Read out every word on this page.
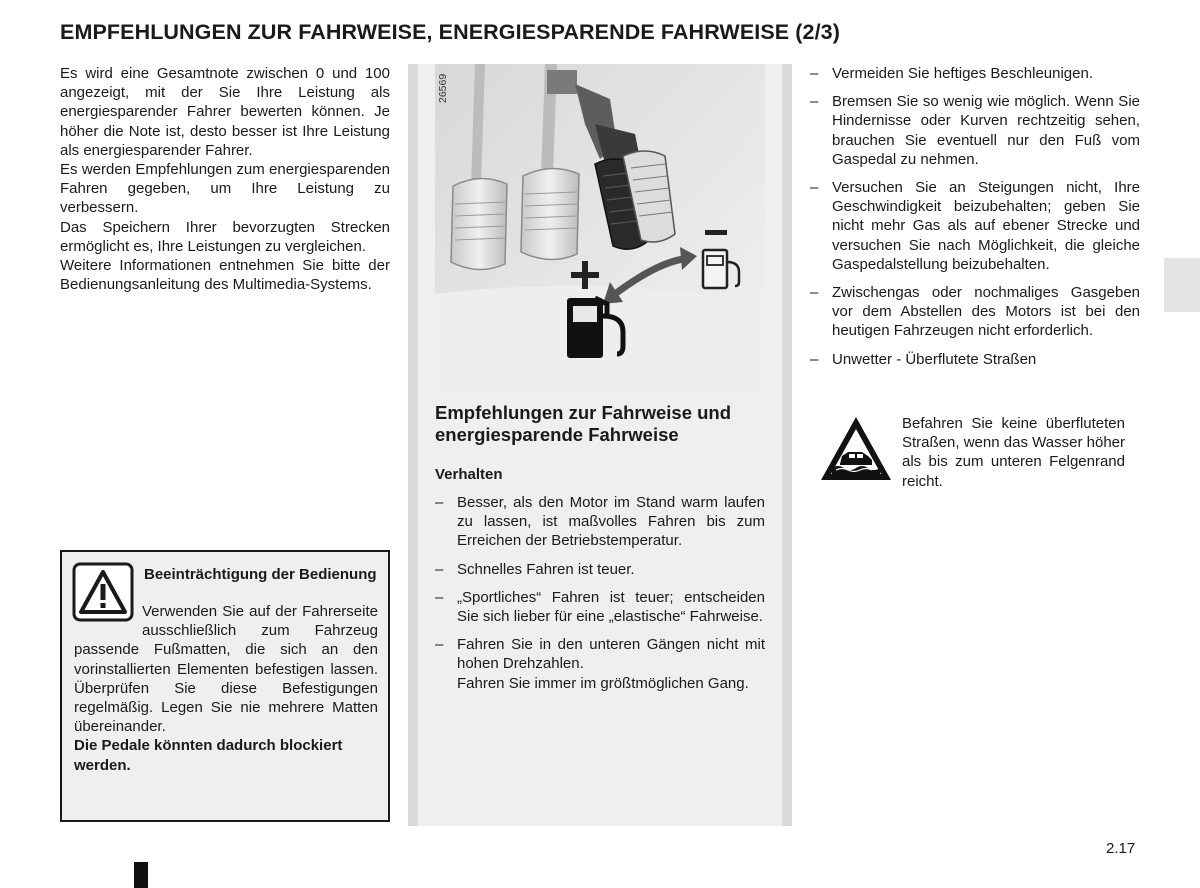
EMPFEHLUNGEN ZUR FAHRWEISE, ENERGIESPARENDE FAHRWEISE (2/3)

Es wird eine Gesamtnote zwischen 0 und 100 angezeigt, mit der Sie Ihre Leistung als energiesparender Fahrer bewerten können. Je höher die Note ist, desto besser ist Ihre Leistung als energiesparender Fahrer.

Es werden Empfehlungen zum energiesparenden Fahren gegeben, um Ihre Leistung zu verbessern.

Das Speichern Ihrer bevorzugten Strecken ermöglicht es, Ihre Leistungen zu vergleichen.

Weitere Informationen entnehmen Sie bitte der Bedienungsanleitung des Multimedia-Systems.

Beeinträchtigung der Bedienung
Verwenden Sie auf der Fahrerseite ausschließlich zum Fahrzeug passende Fußmatten, die sich an den vorinstallierten Elementen befestigen lassen. Überprüfen Sie diese Befestigungen regelmäßig. Legen Sie nie mehrere Matten übereinander.
Die Pedale könnten dadurch blockiert werden.
26569
Empfehlungen zur Fahrweise und energiesparende Fahrweise
Verhalten
– Besser, als den Motor im Stand warm laufen zu lassen, ist maßvolles Fahren bis zum Erreichen der Betriebstemperatur.
– Schnelles Fahren ist teuer.
– „Sportliches“ Fahren ist teuer; entscheiden Sie sich lieber für eine „elastische“ Fahrweise.
– Fahren Sie in den unteren Gängen nicht mit hohen Drehzahlen.
Fahren Sie immer im größtmöglichen Gang.
– Vermeiden Sie heftiges Beschleunigen.
– Bremsen Sie so wenig wie möglich. Wenn Sie Hindernisse oder Kurven rechtzeitig sehen, brauchen Sie eventuell nur den Fuß vom Gaspedal zu nehmen.
– Versuchen Sie an Steigungen nicht, Ihre Geschwindigkeit beizubehalten; geben Sie nicht mehr Gas als auf ebener Strecke und versuchen Sie nach Möglichkeit, die gleiche Gaspedalstellung beizubehalten.
– Zwischengas oder nochmaliges Gasgeben vor dem Abstellen des Motors ist bei den heutigen Fahrzeugen nicht erforderlich.
– Unwetter - Überflutete Straßen
Befahren Sie keine überfluteten Straßen, wenn das Wasser höher als bis zum unteren Felgenrand reicht.
2.17
